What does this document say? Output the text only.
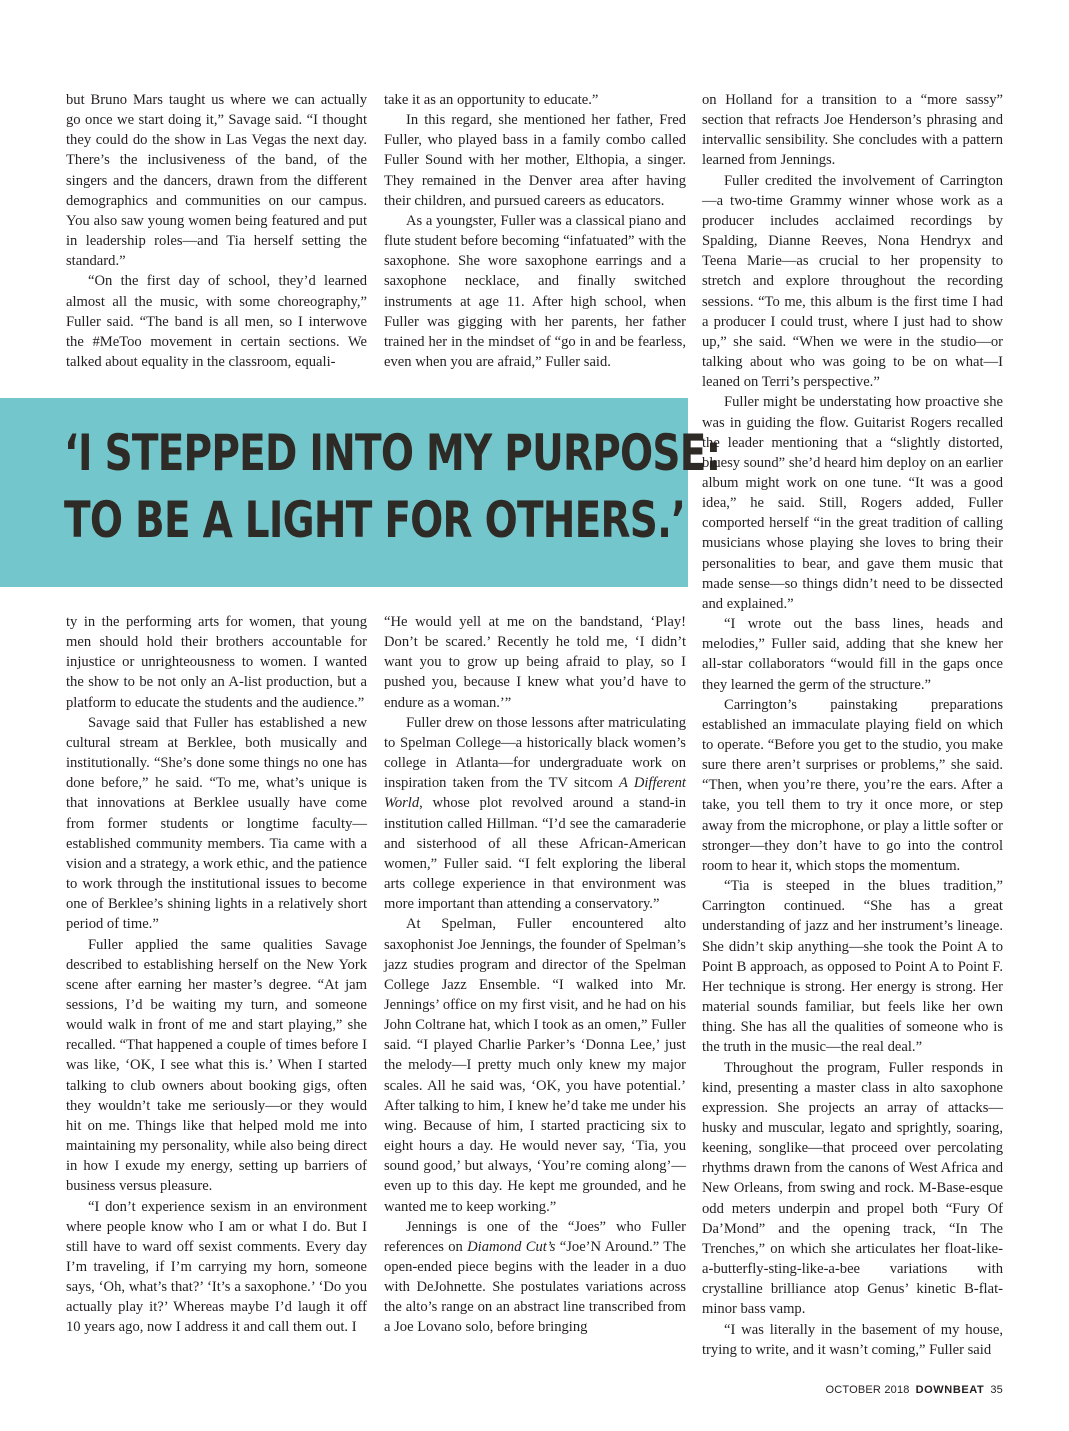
but Bruno Mars taught us where we can actually go once we start doing it,” Savage said. “I thought they could do the show in Las Vegas the next day. There’s the inclusiveness of the band, of the singers and the dancers, drawn from the different demographics and communities on our campus. You also saw young women being featured and put in leadership roles—and Tia herself setting the standard.”

“On the first day of school, they’d learned almost all the music, with some choreography,” Fuller said. “The band is all men, so I interwove the #MeToo movement in certain sections. We talked about equality in the classroom, equali-

take it as an opportunity to educate.”

In this regard, she mentioned her father, Fred Fuller, who played bass in a family combo called Fuller Sound with her mother, Elthopia, a singer. They remained in the Denver area after having their children, and pursued careers as educators.

As a youngster, Fuller was a classical piano and flute student before becoming “infatuated” with the saxophone. She wore saxophone earrings and a saxophone necklace, and finally switched instruments at age 11. After high school, when Fuller was gigging with her parents, her father trained her in the mindset of “go in and be fearless, even when you are afraid,” Fuller said.

‘I STEPPED INTO MY PURPOSE:
TO BE A LIGHT FOR OTHERS.’

ty in the performing arts for women, that young men should hold their brothers accountable for injustice or unrighteousness to women. I wanted the show to be not only an A-list production, but a platform to educate the students and the audience.”

Savage said that Fuller has established a new cultural stream at Berklee, both musically and institutionally. “She’s done some things no one has done before,” he said. “To me, what’s unique is that innovations at Berklee usually have come from former students or longtime faculty—established community members. Tia came with a vision and a strategy, a work ethic, and the patience to work through the institutional issues to become one of Berklee’s shining lights in a relatively short period of time.”

Fuller applied the same qualities Savage described to establishing herself on the New York scene after earning her master’s degree. “At jam sessions, I’d be waiting my turn, and someone would walk in front of me and start playing,” she recalled. “That happened a couple of times before I was like, ‘OK, I see what this is.’ When I started talking to club owners about booking gigs, often they wouldn’t take me seriously—or they would hit on me. Things like that helped mold me into maintaining my personality, while also being direct in how I exude my energy, setting up barriers of business versus pleasure.

“I don’t experience sexism in an environment where people know who I am or what I do. But I still have to ward off sexist comments. Every day I’m traveling, if I’m carrying my horn, someone says, ‘Oh, what’s that?’ ‘It’s a saxophone.’ ‘Do you actually play it?’ Whereas maybe I’d laugh it off 10 years ago, now I address it and call them out. I

“He would yell at me on the bandstand, ‘Play! Don’t be scared.’ Recently he told me, ‘I didn’t want you to grow up being afraid to play, so I pushed you, because I knew what you’d have to endure as a woman.’”

Fuller drew on those lessons after matriculating to Spelman College—a historically black women’s college in Atlanta—for undergraduate work on inspiration taken from the TV sitcom A Different World, whose plot revolved around a stand-in institution called Hillman. “I’d see the camaraderie and sisterhood of all these African-American women,” Fuller said. “I felt exploring the liberal arts college experience in that environment was more important than attending a conservatory.”

At Spelman, Fuller encountered alto saxophonist Joe Jennings, the founder of Spelman’s jazz studies program and director of the Spelman College Jazz Ensemble. “I walked into Mr. Jennings’ office on my first visit, and he had on his John Coltrane hat, which I took as an omen,” Fuller said. “I played Charlie Parker’s ‘Donna Lee,’ just the melody—I pretty much only knew my major scales. All he said was, ‘OK, you have potential.’ After talking to him, I knew he’d take me under his wing. Because of him, I started practicing six to eight hours a day. He would never say, ‘Tia, you sound good,’ but always, ‘You’re coming along’—even up to this day. He kept me grounded, and he wanted me to keep working.”

Jennings is one of the “Joes” who Fuller references on Diamond Cut’s “Joe’N Around.” The open-ended piece begins with the leader in a duo with DeJohnette. She postulates variations across the alto’s range on an abstract line transcribed from a Joe Lovano solo, before bringing

on Holland for a transition to a “more sassy” section that refracts Joe Henderson’s phrasing and intervallic sensibility. She concludes with a pattern learned from Jennings.

Fuller credited the involvement of Carrington—a two-time Grammy winner whose work as a producer includes acclaimed recordings by Spalding, Dianne Reeves, Nona Hendryx and Teena Marie—as crucial to her propensity to stretch and explore throughout the recording sessions. “To me, this album is the first time I had a producer I could trust, where I just had to show up,” she said. “When we were in the studio—or talking about who was going to be on what—I leaned on Terri’s perspective.”

Fuller might be understating how proactive she was in guiding the flow. Guitarist Rogers recalled the leader mentioning that a “slightly distorted, bluesy sound” she’d heard him deploy on an earlier album might work on one tune. “It was a good idea,” he said. Still, Rogers added, Fuller comported herself “in the great tradition of calling musicians whose playing she loves to bring their personalities to bear, and gave them music that made sense—so things didn’t need to be dissected and explained.”

“I wrote out the bass lines, heads and melodies,” Fuller said, adding that she knew her all-star collaborators “would fill in the gaps once they learned the germ of the structure.”

Carrington’s painstaking preparations established an immaculate playing field on which to operate. “Before you get to the studio, you make sure there aren’t surprises or problems,” she said. “Then, when you’re there, you’re the ears. After a take, you tell them to try it once more, or step away from the microphone, or play a little softer or stronger—they don’t have to go into the control room to hear it, which stops the momentum.

“Tia is steeped in the blues tradition,” Carrington continued. “She has a great understanding of jazz and her instrument’s lineage. She didn’t skip anything—she took the Point A to Point B approach, as opposed to Point A to Point F. Her technique is strong. Her energy is strong. Her material sounds familiar, but feels like her own thing. She has all the qualities of someone who is the truth in the music—the real deal.”

Throughout the program, Fuller responds in kind, presenting a master class in alto saxophone expression. She projects an array of attacks—husky and muscular, legato and sprightly, soaring, keening, songlike—that proceed over percolating rhythms drawn from the canons of West Africa and New Orleans, from swing and rock. M-Base-esque odd meters underpin and propel both “Fury Of Da’Mond” and the opening track, “In The Trenches,” on which she articulates her float-like-a-butterfly-sting-like-a-bee variations with crystalline brilliance atop Genus’ kinetic B-flat-minor bass vamp.

“I was literally in the basement of my house, trying to write, and it wasn’t coming,” Fuller said

OCTOBER 2018 DOWNBEAT 35
